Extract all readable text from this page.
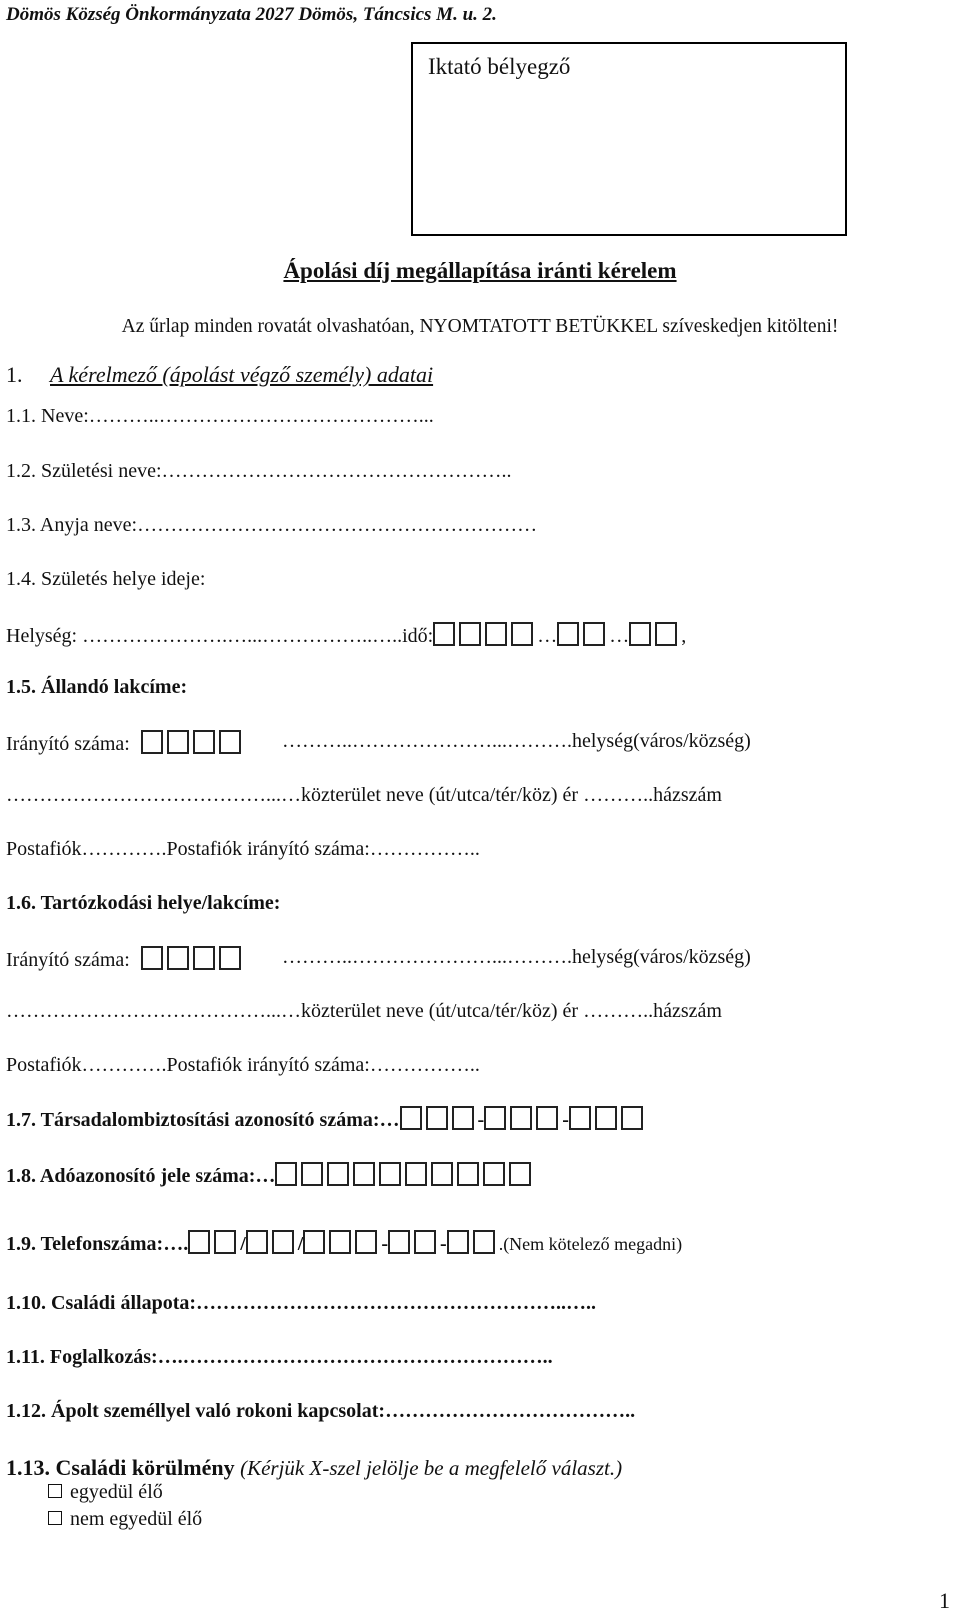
Dömös Község Önkormányzata 2027 Dömös, Táncsics M. u. 2.
Iktató bélyegző
Ápolási díj megállapítása iránti kérelem
Az űrlap minden rovatát olvashatóan, NYOMTATOTT BETÜKKEL szíveskedjen kitölteni!
1. A kérelmező (ápolást végző személy) adatai
1.1. Neve:………..…………………………………...
1.2. Születési neve:……………………………………………..
1.3. Anyja neve:……………………………………………………
1.4. Születés helye ideje:
Helység: ………………….…...……………..…..idő:	…	…	,
1.5. Állandó lakcíme:
Irányító száma:	………..…………………...……….helység(város/község)
…………………………………...…közterület neve (út/utca/tér/köz) ér ………..házszám
Postafiók………….Postafiók irányító száma:……………..
1.6. Tartózkodási helye/lakcíme:
Irányító száma:	………..…………………...……….helység(város/község)
…………………………………...…közterület neve (út/utca/tér/köz) ér ………..házszám
Postafiók………….Postafiók irányító száma:……………..
1.7. Társadalombiztosítási azonosító száma:…	-	-
1.8. Adóazonosító jele száma:…
1.9. Telefonszáma:….	/	/	-	-	.(Nem kötelező megadni)
1.10. Családi állapota:………………………………………………..…..
1.11. Foglalkozás:….………………………………………………..
1.12. Ápolt személlyel való rokoni kapcsolat:………………………………..
1.13. Családi körülmény (Kérjük X-szel jelölje be a megfelelő választ.)
egyedül élő
nem egyedül élő
1
